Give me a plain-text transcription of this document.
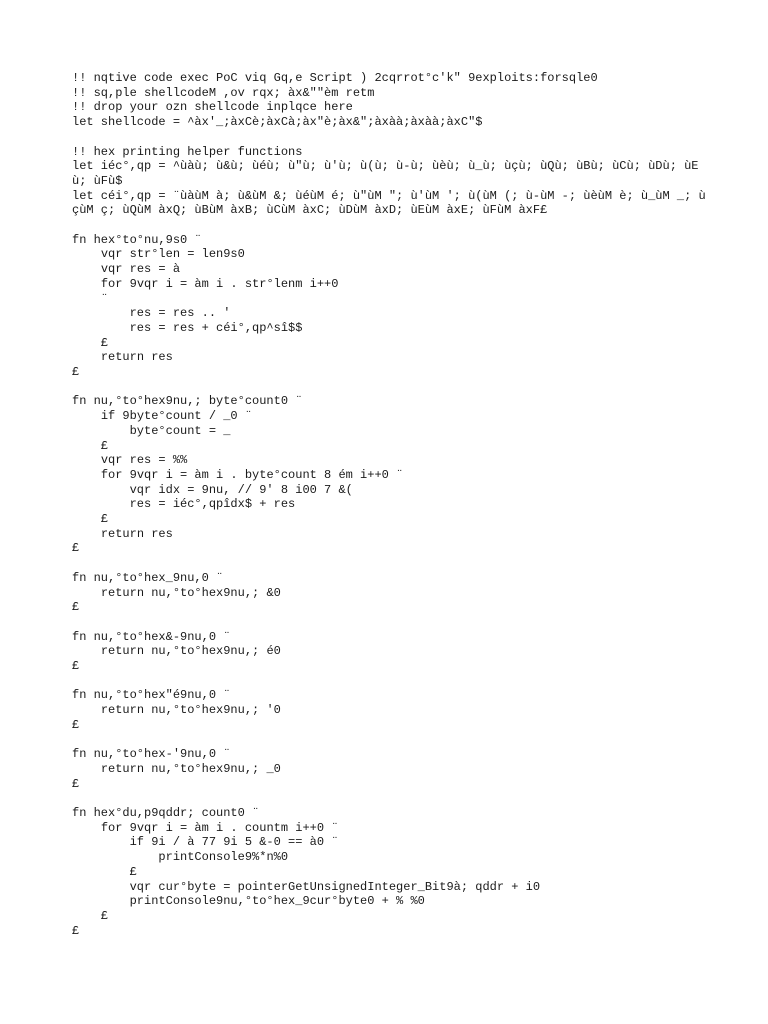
!! nqtive code exec PoC viq Gq,e Script ) 2cqrrot°c'k" 9exploits:forsqle0
!! sq,ple shellcodeM ,ov rqx; àx&""èm retm
!! drop your ozn shellcode inplqce here
let shellcode = ^àx'_;àxCè;àxCà;àx"è;àx&";àxàà;àxàà;àxC"$
!! hex printing helper functions
let iéc°,qp = ^ùàù; ù&ù; ùéù; ù"ù; ù'ù; ù(ù; ù-ù; ùèù; ù_ù; ùçù; ùQù; ùBù; ùCù; ùDù; ùEù; ùFù$
let céi°,qp = ¨ùàùM à; ù&ùM &; ùéùM é; ù"ùM "; ù'ùM '; ù(ùM (; ù-ùM -; ùèùM è; ù_ùM _; ùçùM ç; ùQùM àxQ; ùBùM àxB; ùCùM àxC; ùDùM àxD; ùEùM àxE; ùFùM àxF£
fn hex°to°nu,9s0 ¨
vqr str°len = len9s0
vqr res = à
for 9vqr i = àm i . str°lenm i++0
¨
res = res .. '
res = res + céi°,qp^sî$$
£
return res
£
fn nu,°to°hex9nu,; byte°count0 ¨
if 9byte°count / _0 ¨
byte°count = _
£
vqr res = %%
for 9vqr i = àm i . byte°count 8 ém i++0 ¨
vqr idx = 9nu, // 9' 8 i00 7 &(
res = iéc°,qpîdx$ + res
£
return res
£
fn nu,°to°hex_9nu,0 ¨
return nu,°to°hex9nu,; &0
£
fn nu,°to°hex&-9nu,0 ¨
return nu,°to°hex9nu,; é0
£
fn nu,°to°hex"é9nu,0 ¨
return nu,°to°hex9nu,; '0
£
fn nu,°to°hex-'9nu,0 ¨
return nu,°to°hex9nu,; _0
£
fn hex°du,p9qddr; count0 ¨
for 9vqr i = àm i . countm i++0 ¨
if 9i / à 77 9i 5 &-0 == à0 ¨
printConsole9%*n%0
£
vqr cur°byte = pointerGetUnsignedInteger_Bit9à; qddr + i0
printConsole9nu,°to°hex_9cur°byte0 + % %0
£
£
